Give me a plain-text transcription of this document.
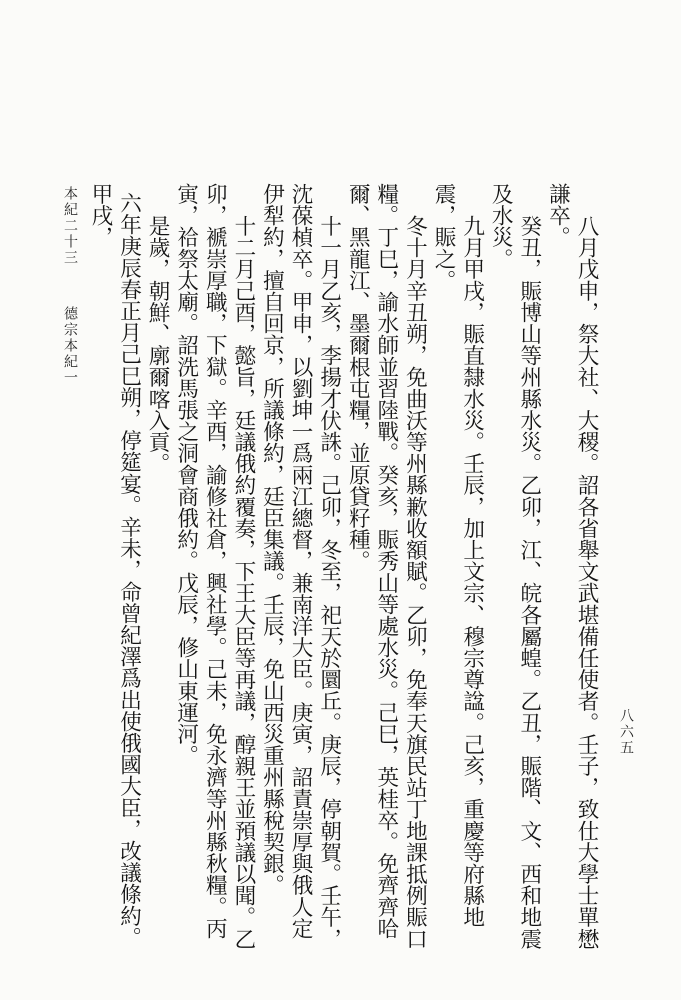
八六五

八月戊申，祭大社、大稷。詔各省舉文武堪備任使者。壬子，致仕大學士單懋謙卒。

癸丑，賑博山等州縣水災。乙卯，江、皖各屬蝗。乙丑，賑階、文、西和地震及水災。

九月甲戌，賑直隸水災。壬辰，加上文宗、穆宗尊諡。己亥，重慶等府縣地震，賑之。

冬十月辛丑朔，免曲沃等州縣歉收額賦。乙卯，免奉天旗民站丁地課抵例賑口糧。丁巳，諭水師並習陸戰。癸亥，賑秀山等處水災。己巳，英桂卒。免齊齊哈爾、黑龍江、墨爾根屯糧，並原貸籽種。

十一月乙亥，李揚才伏誅。己卯，冬至，祀天於圜丘。庚辰，停朝賀。壬午，沈葆楨卒。甲申，以劉坤一爲兩江總督，兼南洋大臣。庚寅，詔責崇厚與俄人定伊犁約，擅自回京，所議條約，廷臣集議。壬辰，免山西災重州縣稅契銀。

十二月己酉，懿旨，廷議俄約覆奏，下王大臣等再議，醇親王並預議以聞。乙卯，褫崇厚職，下獄。辛酉，諭修社倉，興社學。己未，免永濟等州縣秋糧。丙寅，祫祭太廟。詔洗馬張之洞會商俄約。戊辰，修山東運河。

是歲，朝鮮、廓爾喀入貢。

六年庚辰春正月己巳朔，停筵宴。辛未，命曾紀澤爲出使俄國大臣，改議條約。甲戌，

本紀二十三
德宗本紀一
